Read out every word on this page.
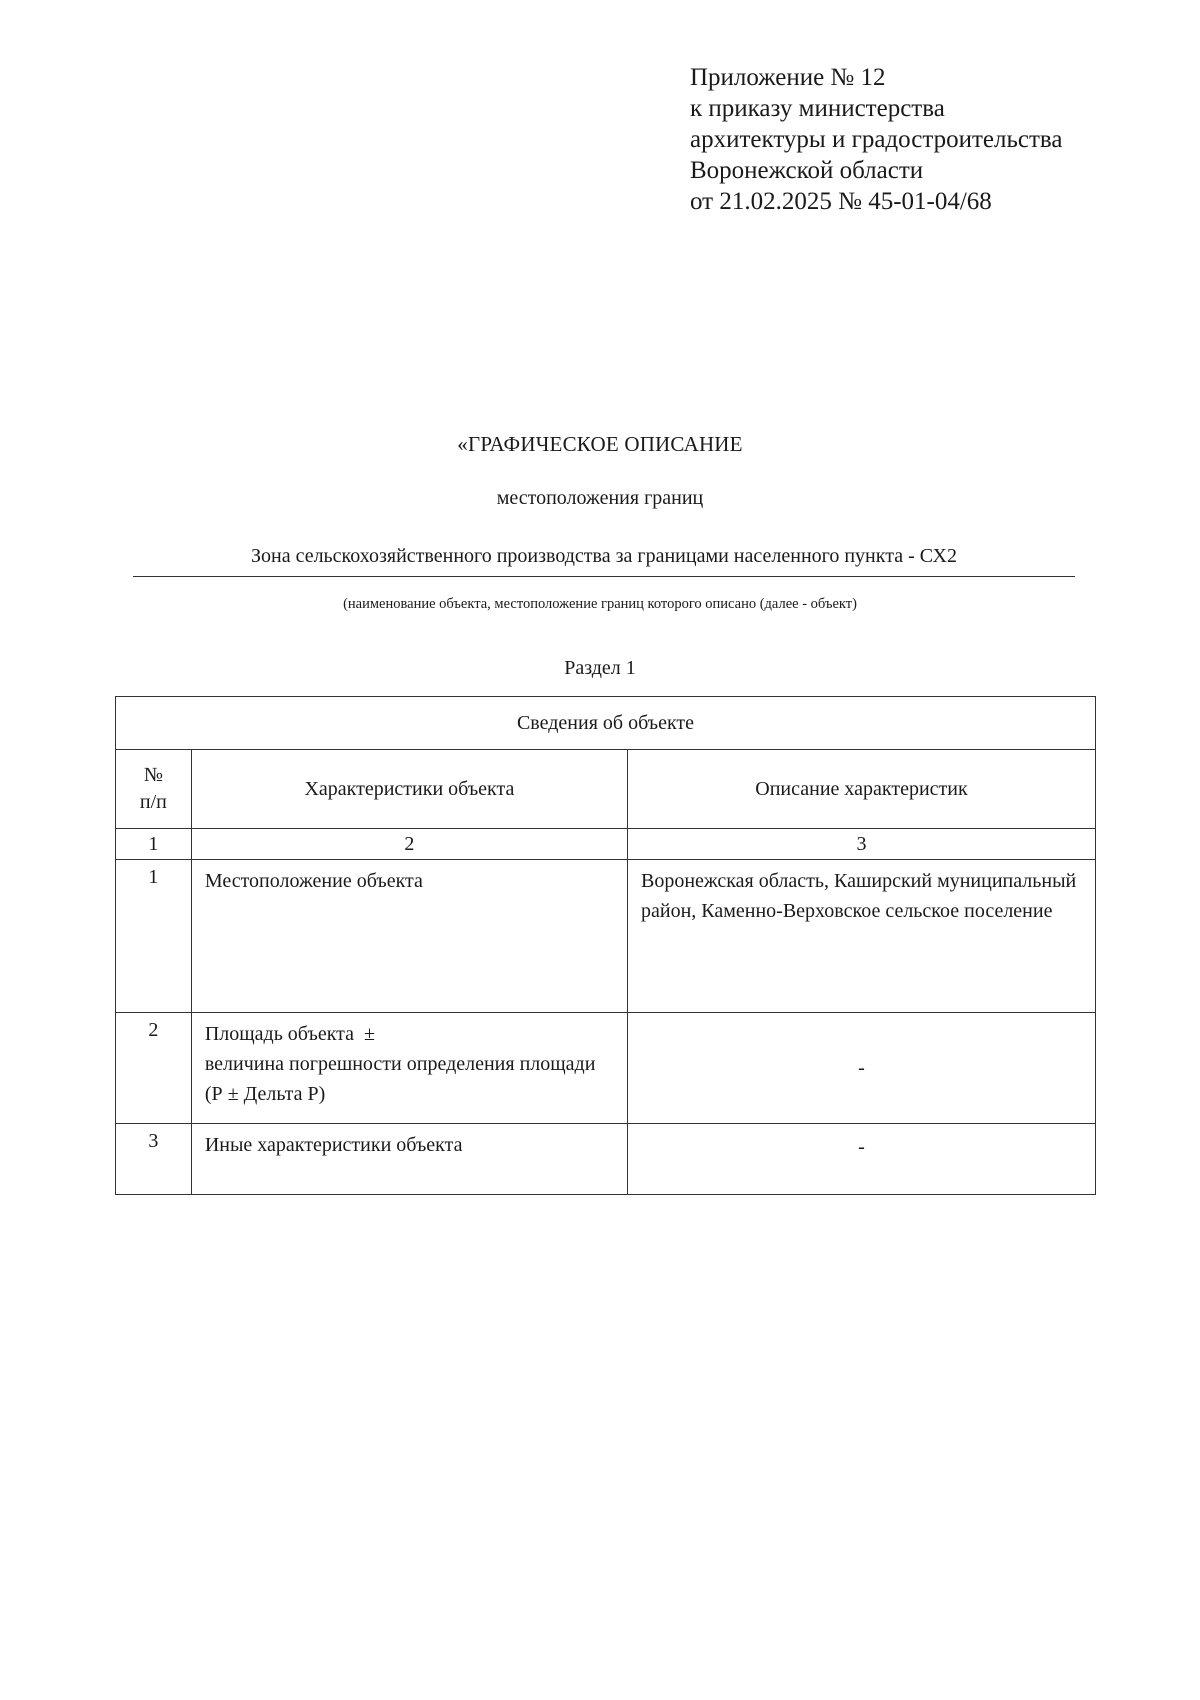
Приложение № 12
к приказу министерства
архитектуры и градостроительства
Воронежской области
от 21.02.2025 № 45-01-04/68
«ГРАФИЧЕСКОЕ ОПИСАНИЕ
местоположения границ
Зона сельскохозяйственного производства за границами населенного пункта - СХ2
(наименование объекта, местоположение границ которого описано (далее - объект)
Раздел 1
Сведения об объекте		

№
п/п	Характеристики объекта	Описание характеристик
1	2	3
1	Местоположение объекта	Воронежская область, Каширский муниципальный район, Каменно-Верховское сельское поселение
2	Площадь объекта  ±
величина погрешности определения площади (Р ± Дельта Р)	-
3	Иные характеристики объекта	-
